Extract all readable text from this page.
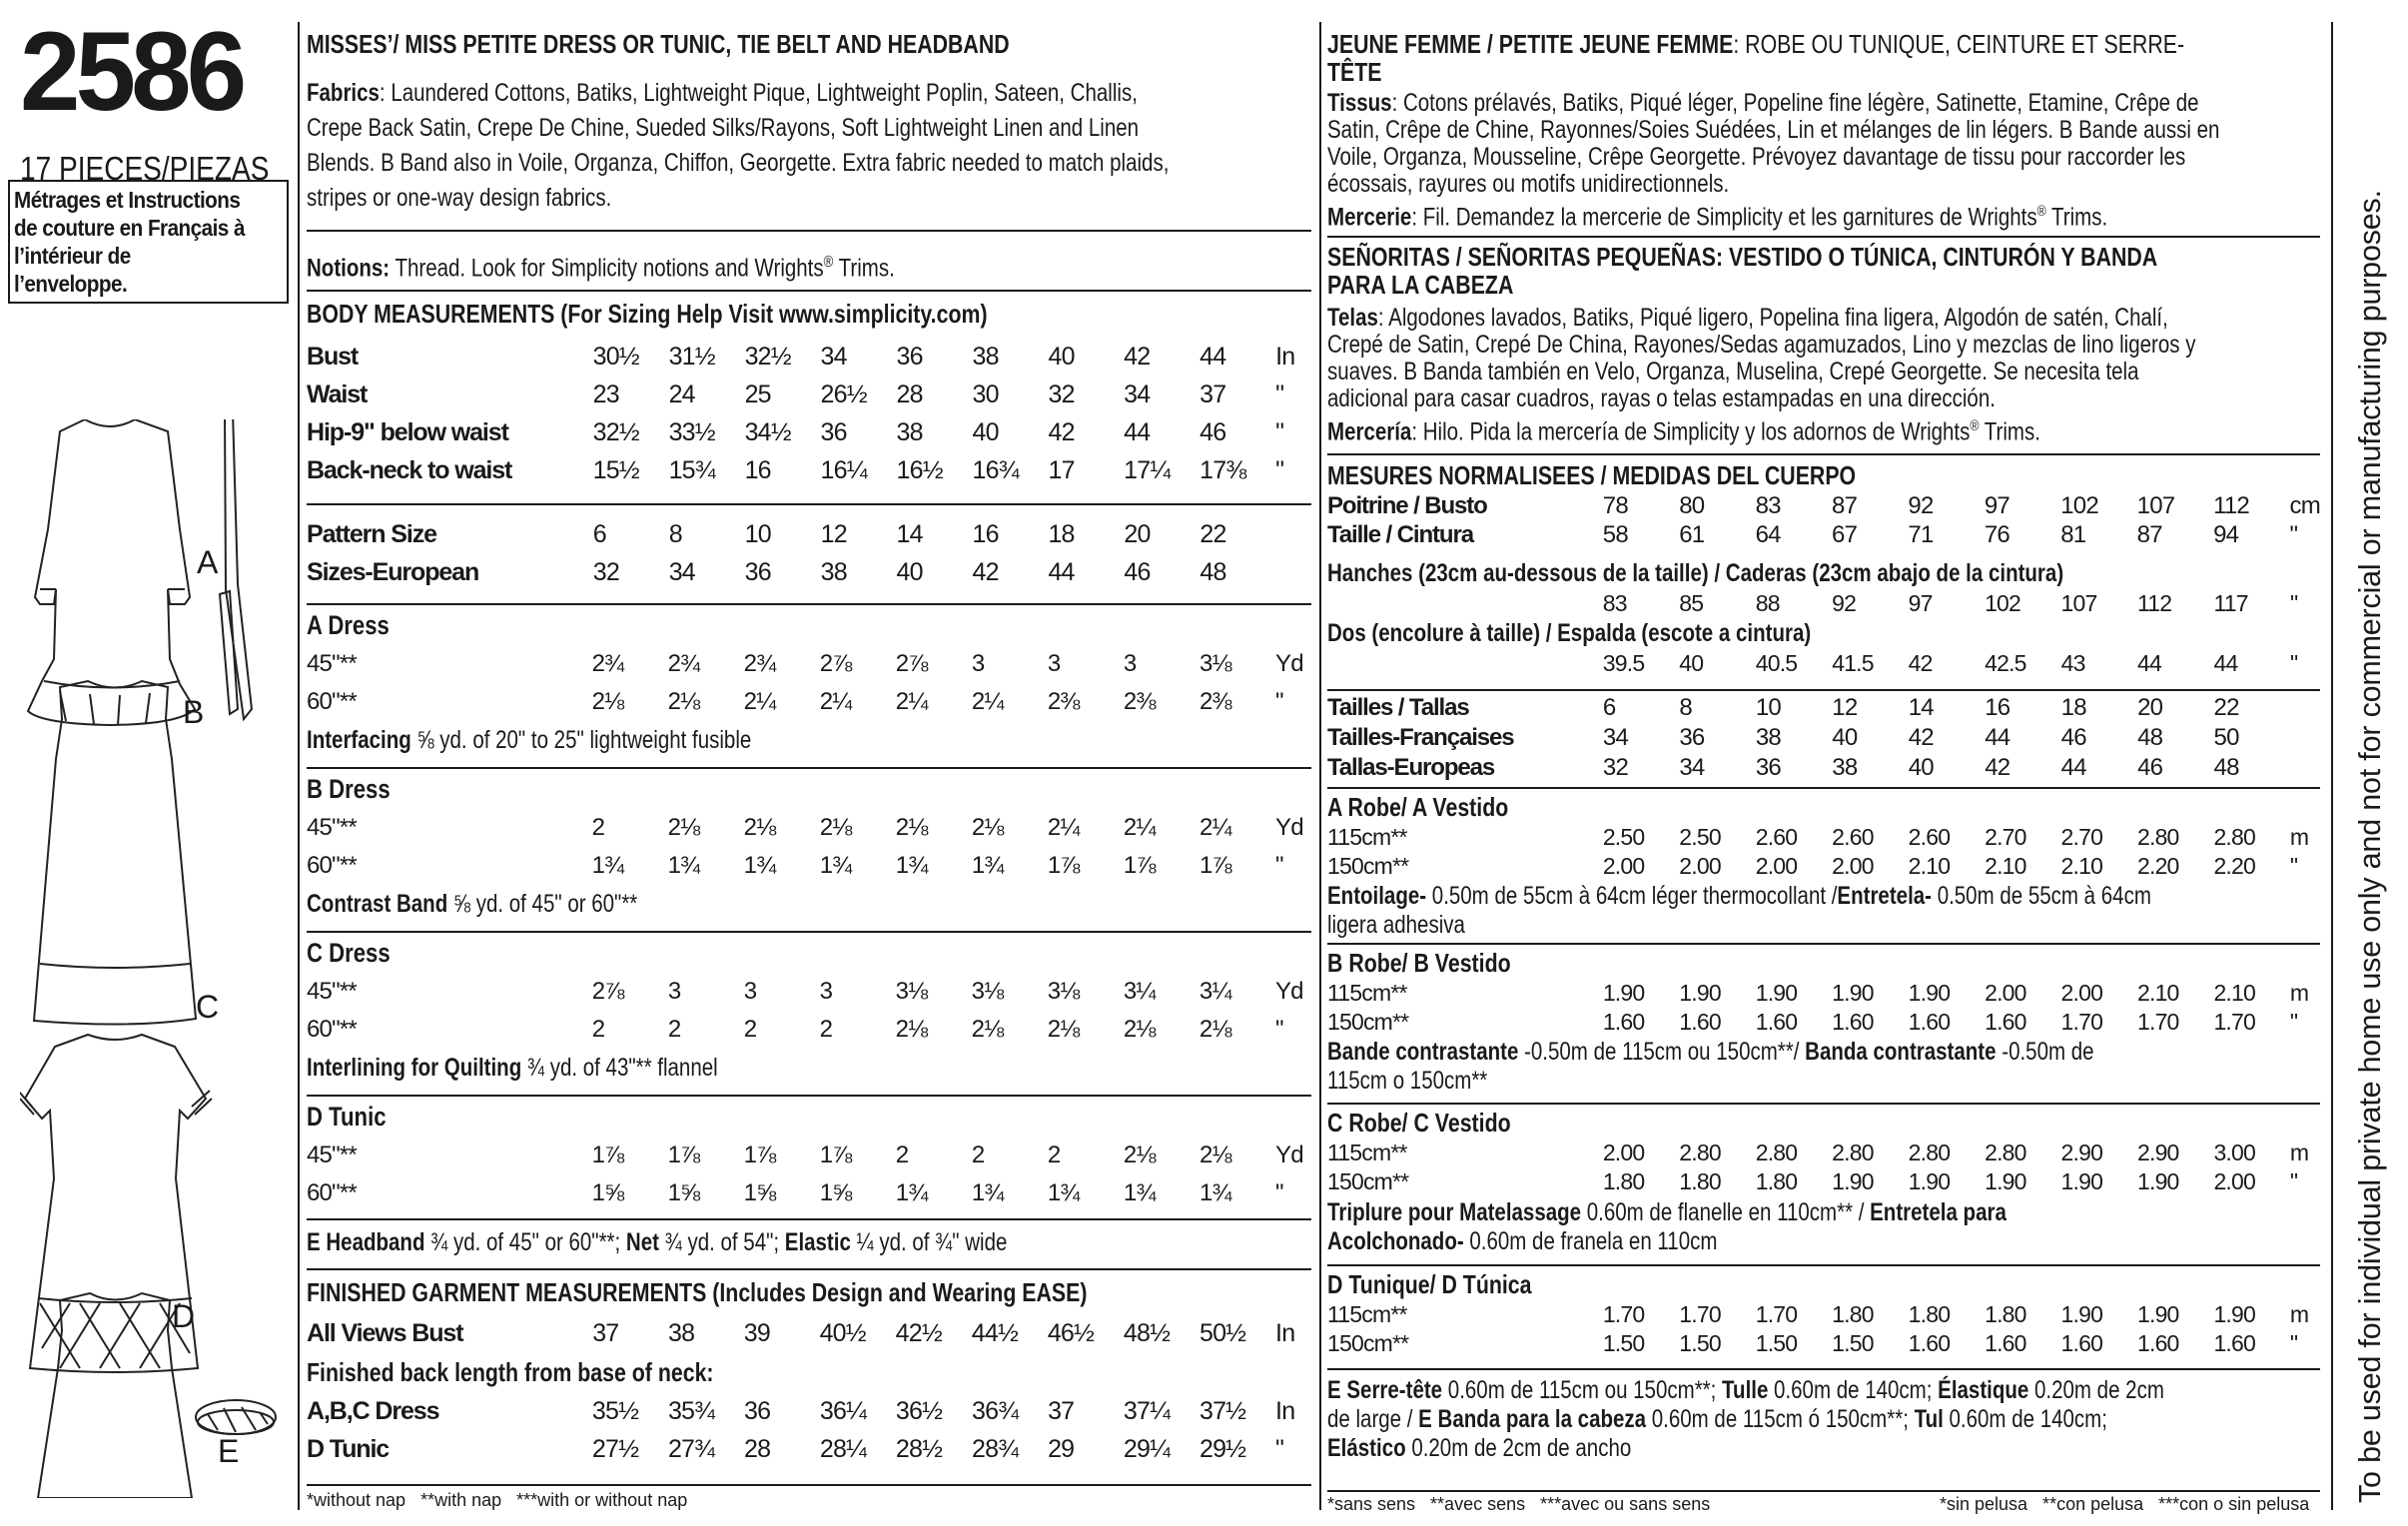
2586
17 PIECES/PIEZAS
Métrages et Instructions
de couture en Français à
l’intérieur de
l’enveloppe.
A
B
C
D
E
MISSES’/ MISS PETITE DRESS OR TUNIC, TIE BELT AND HEADBAND
Fabrics: Laundered Cottons, Batiks, Lightweight Pique, Lightweight Poplin, Sateen, Challis,
Crepe Back Satin, Crepe De Chine, Sueded Silks/Rayons, Soft Lightweight Linen and Linen
Blends. B Band also in Voile, Organza, Chiffon, Georgette. Extra fabric needed to match plaids,
stripes or one-way design fabrics.
Notions: Thread. Look for Simplicity notions and Wrights® Trims.
BODY MEASUREMENTS (For Sizing Help Visit www.simplicity.com)
Bust	30½	31½	32½	34	36	38	40	42	44	In
Waist	23	24	25	26½	28	30	32	34	37	"
Hip-9" below waist	32½	33½	34½	36	38	40	42	44	46	"
Back-neck to waist	15½	15¾	16	16¼	16½	16¾	17	17¼	17⅜	"
Pattern Size	6	8	10	12	14	16	18	20	22	
Sizes-European	32	34	36	38	40	42	44	46	48	
A Dress
45"**	2¾	2¾	2¾	2⅞	2⅞	3	3	3	3⅛	Yd
60"**	2⅛	2⅛	2¼	2¼	2¼	2¼	2⅜	2⅜	2⅜	"
Interfacing ⅝ yd. of 20" to 25" lightweight fusible
B Dress
45"**	2	2⅛	2⅛	2⅛	2⅛	2⅛	2¼	2¼	2¼	Yd
60"**	1¾	1¾	1¾	1¾	1¾	1¾	1⅞	1⅞	1⅞	"
Contrast Band ⅝ yd. of 45" or 60"**
C Dress
45"**	2⅞	3	3	3	3⅛	3⅛	3⅛	3¼	3¼	Yd
60"**	2	2	2	2	2⅛	2⅛	2⅛	2⅛	2⅛	"
Interlining for Quilting ¾ yd. of 43"** flannel
D Tunic
45"**	1⅞	1⅞	1⅞	1⅞	2	2	2	2⅛	2⅛	Yd
60"**	1⅝	1⅝	1⅝	1⅝	1¾	1¾	1¾	1¾	1¾	"
E Headband ¾ yd. of 45" or 60"**; Net ¾ yd. of 54"; Elastic ¼ yd. of ¾" wide
FINISHED GARMENT MEASUREMENTS (Includes Design and Wearing EASE)
All Views Bust	37	38	39	40½	42½	44½	46½	48½	50½	In
Finished back length from base of neck:
A,B,C Dress	35½	35¾	36	36¼	36½	36¾	37	37¼	37½	In
D Tunic	27½	27¾	28	28¼	28½	28¾	29	29¼	29½	"
*without nap   **with nap   ***with or without nap
JEUNE FEMME / PETITE JEUNE FEMME: ROBE OU TUNIQUE, CEINTURE ET SERRE-
TÊTE
Tissus: Cotons prélavés, Batiks, Piqué léger, Popeline fine légère, Satinette, Etamine, Crêpe de
Satin, Crêpe de Chine, Rayonnes/Soies Suédées, Lin et mélanges de lin légers. B Bande aussi en
Voile, Organza, Mousseline, Crêpe Georgette. Prévoyez davantage de tissu pour raccorder les
écossais, rayures ou motifs unidirectionnels.
Mercerie: Fil. Demandez la mercerie de Simplicity et les garnitures de Wrights® Trims.
SEÑORITAS / SEÑORITAS PEQUEÑAS: VESTIDO O TÚNICA, CINTURÓN Y BANDA
PARA LA CABEZA
Telas: Algodones lavados, Batiks, Piqué ligero, Popelina fina ligera, Algodón de satén, Chalí,
Crepé de Satin, Crepé De China, Rayones/Sedas agamuzados, Lino y mezclas de lino ligeros y
suaves. B Banda también en Velo, Organza, Muselina, Crepé Georgette. Se necesita tela
adicional para casar cuadros, rayas o telas estampadas en una dirección.
Mercería: Hilo. Pida la mercería de Simplicity y los adornos de Wrights® Trims.
MESURES NORMALISEES / MEDIDAS DEL CUERPO
Poitrine / Busto	78	80	83	87	92	97	102	107	112	cm
Taille / Cintura	58	61	64	67	71	76	81	87	94	"
Hanches (23cm au-dessous de la taille) / Caderas (23cm abajo de la cintura)
	83	85	88	92	97	102	107	112	117	"
Dos (encolure à taille) / Espalda (escote a cintura)
	39.5	40	40.5	41.5	42	42.5	43	44	44	"
Tailles / Tallas	6	8	10	12	14	16	18	20	22	
Tailles-Françaises	34	36	38	40	42	44	46	48	50	
Tallas-Europeas	32	34	36	38	40	42	44	46	48	
A Robe/ A Vestido
115cm**	2.50	2.50	2.60	2.60	2.60	2.70	2.70	2.80	2.80	m
150cm**	2.00	2.00	2.00	2.00	2.10	2.10	2.10	2.20	2.20	"
Entoilage- 0.50m de 55cm à 64cm léger thermocollant /Entretela- 0.50m de 55cm à 64cm
ligera adhesiva
B Robe/ B Vestido
115cm**	1.90	1.90	1.90	1.90	1.90	2.00	2.00	2.10	2.10	m
150cm**	1.60	1.60	1.60	1.60	1.60	1.60	1.70	1.70	1.70	"
Bande contrastante -0.50m de 115cm ou 150cm**/ Banda contrastante -0.50m de
115cm o 150cm**
C Robe/ C Vestido
115cm**	2.00	2.80	2.80	2.80	2.80	2.80	2.90	2.90	3.00	m
150cm**	1.80	1.80	1.80	1.90	1.90	1.90	1.90	1.90	2.00	"
Triplure pour Matelassage 0.60m de flanelle en 110cm** / Entretela para
Acolchonado- 0.60m de franela en 110cm
D Tunique/ D Túnica
115cm**	1.70	1.70	1.70	1.80	1.80	1.80	1.90	1.90	1.90	m
150cm**	1.50	1.50	1.50	1.50	1.60	1.60	1.60	1.60	1.60	"
E Serre-tête 0.60m de 115cm ou 150cm**; Tulle 0.60m de 140cm; Élastique 0.20m de 2cm
de large / E Banda para la cabeza 0.60m de 115cm ó 150cm**; Tul 0.60m de 140cm;
Elástico 0.20m de 2cm de ancho
*sans sens   **avec sens   ***avec ou sans sens	*sin pelusa   **con pelusa   ***con o sin pelusa
To be used for individual private home use only and not for commercial or manufacturing purposes.
